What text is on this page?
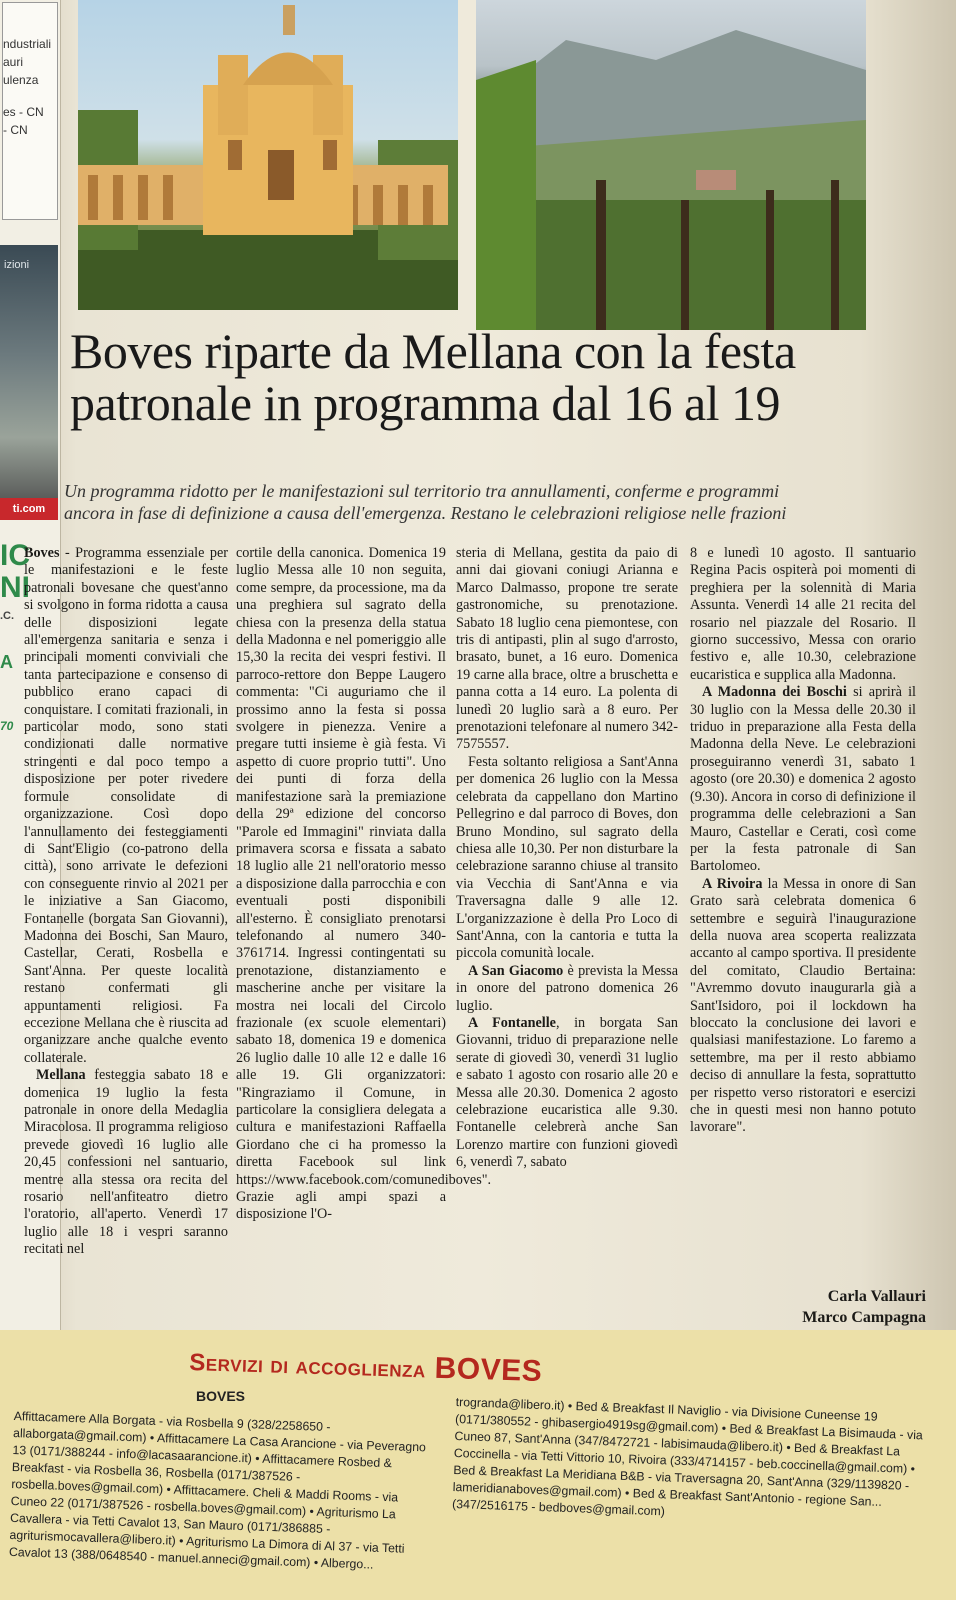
ndustriali
auri
ulenza
es - CN
- CN
izioni
ti.com
IC
NI
.C.
A
70
Boves riparte da Mellana con la festa
patronale in programma dal 16 al 19

Un programma ridotto per le manifestazioni sul territorio tra annullamenti, conferme e programmi
ancora in fase di definizione a causa dell'emergenza. Restano le celebrazioni religiose nelle frazioni

Boves - Programma essenziale per le manifestazioni e le feste patronali bovesane che quest'anno si svolgono in forma ridotta a causa delle disposizioni legate all'emergenza sanitaria e senza i principali momenti conviviali che tanta partecipazione e consenso di pubblico erano capaci di conquistare. I comitati frazionali, in particolar modo, sono stati condizionati dalle normative stringenti e dal poco tempo a disposizione per poter rivedere formule consolidate di organizzazione. Così dopo l'annullamento dei festeggiamenti di Sant'Eligio (co-patrono della città), sono arrivate le defezioni con conseguente rinvio al 2021 per le iniziative a San Giacomo, Fontanelle (borgata San Giovanni), Madonna dei Boschi, San Mauro, Castellar, Cerati, Rosbella e Sant'Anna. Per queste località restano confermati gli appuntamenti religiosi. Fa eccezione Mellana che è riuscita ad organizzare anche qualche evento collaterale.

Mellana festeggia sabato 18 e domenica 19 luglio la festa patronale in onore della Medaglia Miracolosa. Il programma religioso prevede giovedì 16 luglio alle 20,45 confessioni nel santuario, mentre alla stessa ora recita del rosario nell'anfiteatro dietro l'oratorio, all'aperto. Venerdì 17 luglio alle 18 i vespri saranno recitati nel

cortile della canonica. Domenica 19 luglio Messa alle 10 non seguita, come sempre, da processione, ma da una preghiera sul sagrato della chiesa con la presenza della statua della Madonna e nel pomeriggio alle 15,30 la recita dei vespri festivi. Il parroco-rettore don Beppe Laugero commenta: "Ci auguriamo che il prossimo anno la festa si possa svolgere in pienezza. Venire a pregare tutti insieme è già festa. Vi aspetto di cuore proprio tutti". Uno dei punti di forza della manifestazione sarà la premiazione della 29ª edizione del concorso "Parole ed Immagini" rinviata dalla primavera scorsa e fissata a sabato 18 luglio alle 21 nell'oratorio messo a disposizione dalla parrocchia e con eventuali posti disponibili all'esterno. È consigliato prenotarsi telefonando al numero 340-3761714. Ingressi contingentati su prenotazione, distanziamento e mascherine anche per visitare la mostra nei locali del Circolo frazionale (ex scuole elementari) sabato 18, domenica 19 e domenica 26 luglio dalle 10 alle 12 e dalle 16 alle 19. Gli organizzatori: "Ringraziamo il Comune, in particolare la consigliera delegata a cultura e manifestazioni Raffaella Giordano che ci ha promesso la diretta Facebook sul link https://www.facebook.com/comunediboves". Grazie agli ampi spazi a disposizione l'O-

steria di Mellana, gestita da paio di anni dai giovani coniugi Arianna e Marco Dalmasso, propone tre serate gastronomiche, su prenotazione. Sabato 18 luglio cena piemontese, con tris di antipasti, plin al sugo d'arrosto, brasato, bunet, a 16 euro. Domenica 19 carne alla brace, oltre a bruschetta e panna cotta a 14 euro. La polenta di lunedì 20 luglio sarà a 8 euro. Per prenotazioni telefonare al numero 342-7575557.

Festa soltanto religiosa a Sant'Anna per domenica 26 luglio con la Messa celebrata da cappellano don Martino Pellegrino e dal parroco di Boves, don Bruno Mondino, sul sagrato della chiesa alle 10,30. Per non disturbare la celebrazione saranno chiuse al transito via Vecchia di Sant'Anna e via Traversagna dalle 9 alle 12. L'organizzazione è della Pro Loco di Sant'Anna, con la cantoria e tutta la piccola comunità locale.

A San Giacomo è prevista la Messa in onore del patrono domenica 26 luglio.

A Fontanelle, in borgata San Giovanni, triduo di preparazione nelle serate di giovedì 30, venerdì 31 luglio e sabato 1 agosto con rosario alle 20 e Messa alle 20.30. Domenica 2 agosto celebrazione eucaristica alle 9.30. Fontanelle celebrerà anche San Lorenzo martire con funzioni giovedì 6, venerdì 7, sabato

8 e lunedì 10 agosto. Il santuario Regina Pacis ospiterà poi momenti di preghiera per la solennità di Maria Assunta. Venerdì 14 alle 21 recita del rosario nel piazzale del Rosario. Il giorno successivo, Messa con orario festivo e, alle 10.30, celebrazione eucaristica e supplica alla Madonna.

A Madonna dei Boschi si aprirà il 30 luglio con la Messa delle 20.30 il triduo in preparazione alla Festa della Madonna della Neve. Le celebrazioni proseguiranno venerdì 31, sabato 1 agosto (ore 20.30) e domenica 2 agosto (9.30). Ancora in corso di definizione il programma delle celebrazioni a San Mauro, Castellar e Cerati, così come per la festa patronale di San Bartolomeo.

A Rivoira la Messa in onore di San Grato sarà celebrata domenica 6 settembre e seguirà l'inaugurazione della nuova area scoperta realizzata accanto al campo sportiva. Il presidente del comitato, Claudio Bertaina: "Avremmo dovuto inaugurarla già a Sant'Isidoro, poi il lockdown ha bloccato la conclusione dei lavori e qualsiasi manifestazione. Lo faremo a settembre, ma per il resto abbiamo deciso di annullare la festa, soprattutto per rispetto verso ristoratori e esercizi che in questi mesi non hanno potuto lavorare".

Carla Vallauri
Marco Campagna
Servizi di accoglienza BOVES
BOVES
Affittacamere Alla Borgata - via Rosbella 9 (328/2258650 - allaborgata@gmail.com) • Affittacamere La Casa Arancione - via Peveragno 13 (0171/388244 - info@lacasaarancione.it) • Affittacamere Rosbed & Breakfast - via Rosbella 36, Rosbella (0171/387526 - rosbella.boves@gmail.com) • Affittacamere. Cheli & Maddi Rooms - via Cuneo 22 (0171/387526 - rosbella.boves@gmail.com) • Agriturismo La Cavallera - via Tetti Cavalot 13, San Mauro (0171/386885 - agriturismocavallera@libero.it) • Agriturismo La Dimora di Al 37 - via Tetti Cavalot 13 (388/0648540 - manuel.anneci@gmail.com) • Albergo...
trogranda@libero.it) • Bed & Breakfast Il Naviglio - via Divisione Cuneense 19 (0171/380552 - ghibasergio4919sg@gmail.com) • Bed & Breakfast La Bisimauda - via Cuneo 87, Sant'Anna (347/8472721 - labisimauda@libero.it) • Bed & Breakfast La Coccinella - via Tetti Vittorio 10, Rivoira (333/4714157 - beb.coccinella@gmail.com) • Bed & Breakfast La Meridiana B&B - via Traversagna 20, Sant'Anna (329/1139820 - lameridianaboves@gmail.com) • Bed & Breakfast Sant'Antonio - regione San... (347/2516175 - bedboves@gmail.com)
